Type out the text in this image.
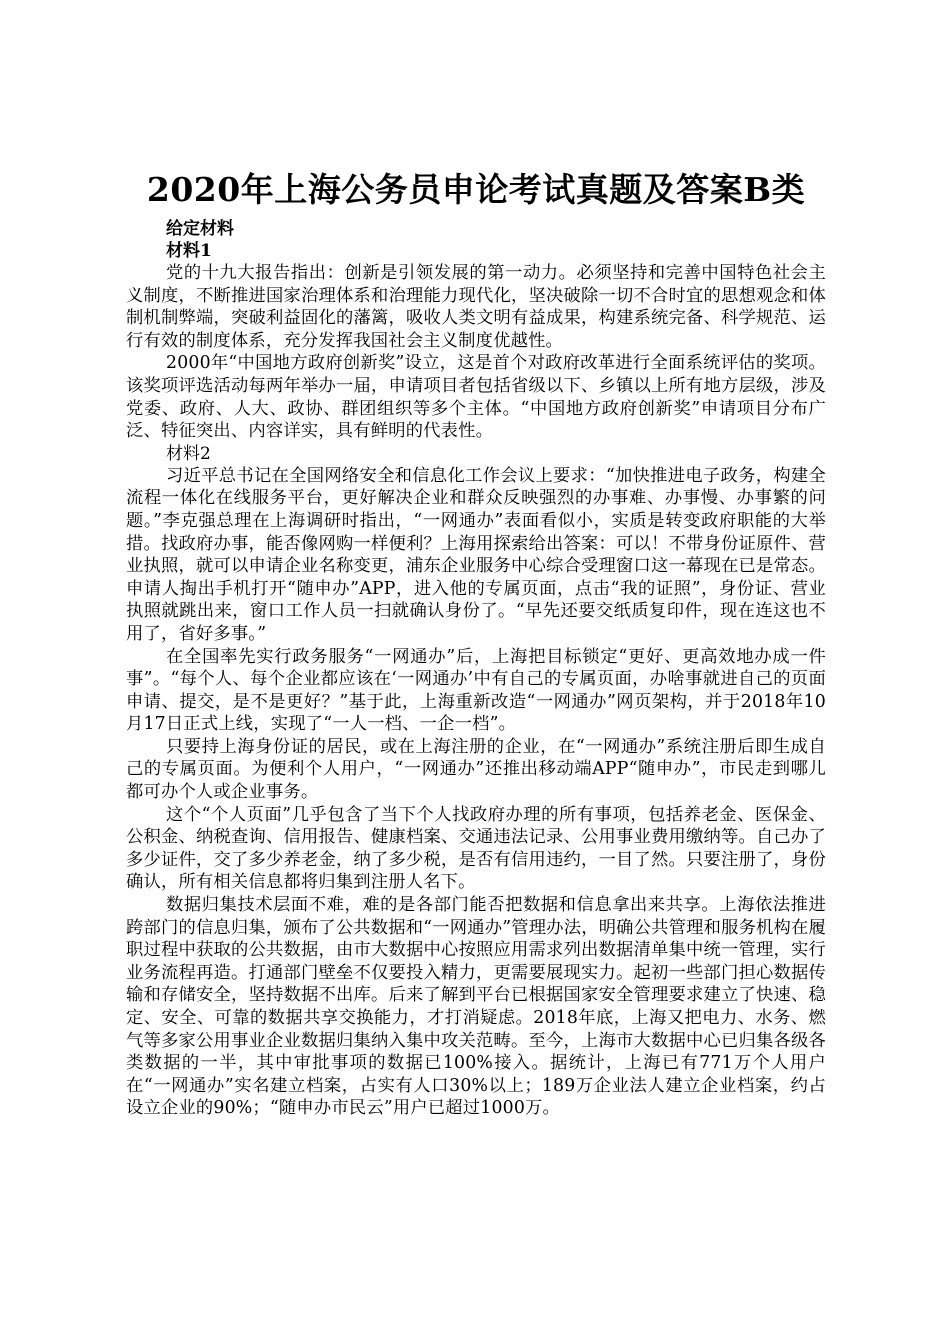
2020年上海公务员申论考试真题及答案B类

给定材料

材料1

党的十九大报告指出：创新是引领发展的第一动力。必须坚持和完善中国特色社会主义制度，不断推进国家治理体系和治理能力现代化，坚决破除一切不合时宜的思想观念和体制机制弊端，突破利益固化的藩篱，吸收人类文明有益成果，构建系统完备、科学规范、运行有效的制度体系，充分发挥我国社会主义制度优越性。

2000年“中国地方政府创新奖”设立，这是首个对政府改革进行全面系统评估的奖项。该奖项评选活动每两年举办一届，申请项目者包括省级以下、乡镇以上所有地方层级，涉及党委、政府、人大、政协、群团组织等多个主体。“中国地方政府创新奖”申请项目分布广泛、特征突出、内容详实，具有鲜明的代表性。

材料2

习近平总书记在全国网络安全和信息化工作会议上要求：“加快推进电子政务，构建全流程一体化在线服务平台，更好解决企业和群众反映强烈的办事难、办事慢、办事繁的问题。”李克强总理在上海调研时指出，“一网通办”表面看似小，实质是转变政府职能的大举措。找政府办事，能否像网购一样便利？上海用探索给出答案：可以！不带身份证原件、营业执照，就可以申请企业名称变更，浦东企业服务中心综合受理窗口这一幕现在已是常态。申请人掏出手机打开“随申办”APP，进入他的专属页面，点击“我的证照”，身份证、营业执照就跳出来，窗口工作人员一扫就确认身份了。“早先还要交纸质复印件，现在连这也不用了，省好多事。”

在全国率先实行政务服务“一网通办”后，上海把目标锁定“更好、更高效地办成一件事”。“每个人、每个企业都应该在‘一网通办’中有自己的专属页面，办啥事就进自己的页面申请、提交，是不是更好？”基于此，上海重新改造“一网通办”网页架构，并于2018年10月17日正式上线，实现了“一人一档、一企一档”。

只要持上海身份证的居民，或在上海注册的企业，在“一网通办”系统注册后即生成自己的专属页面。为便利个人用户，“一网通办”还推出移动端APP“随申办”，市民走到哪儿都可办个人或企业事务。

这个“个人页面”几乎包含了当下个人找政府办理的所有事项，包括养老金、医保金、公积金、纳税查询、信用报告、健康档案、交通违法记录、公用事业费用缴纳等。自己办了多少证件，交了多少养老金，纳了多少税，是否有信用违约，一目了然。只要注册了，身份确认，所有相关信息都将归集到注册人名下。

数据归集技术层面不难，难的是各部门能否把数据和信息拿出来共享。上海依法推进跨部门的信息归集，颁布了公共数据和“一网通办”管理办法，明确公共管理和服务机构在履职过程中获取的公共数据，由市大数据中心按照应用需求列出数据清单集中统一管理，实行业务流程再造。打通部门壁垒不仅要投入精力，更需要展现实力。起初一些部门担心数据传输和存储安全，坚持数据不出库。后来了解到平台已根据国家安全管理要求建立了快速、稳定、安全、可靠的数据共享交换能力，才打消疑虑。2018年底，上海又把电力、水务、燃气等多家公用事业企业数据归集纳入集中攻关范畴。至今，上海市大数据中心已归集各级各类数据的一半，其中审批事项的数据已100%接入。据统计，上海已有771万个人用户在“一网通办”实名建立档案，占实有人口30%以上；189万企业法人建立企业档案，约占设立企业的90%；“随申办市民云”用户已超过1000万。
